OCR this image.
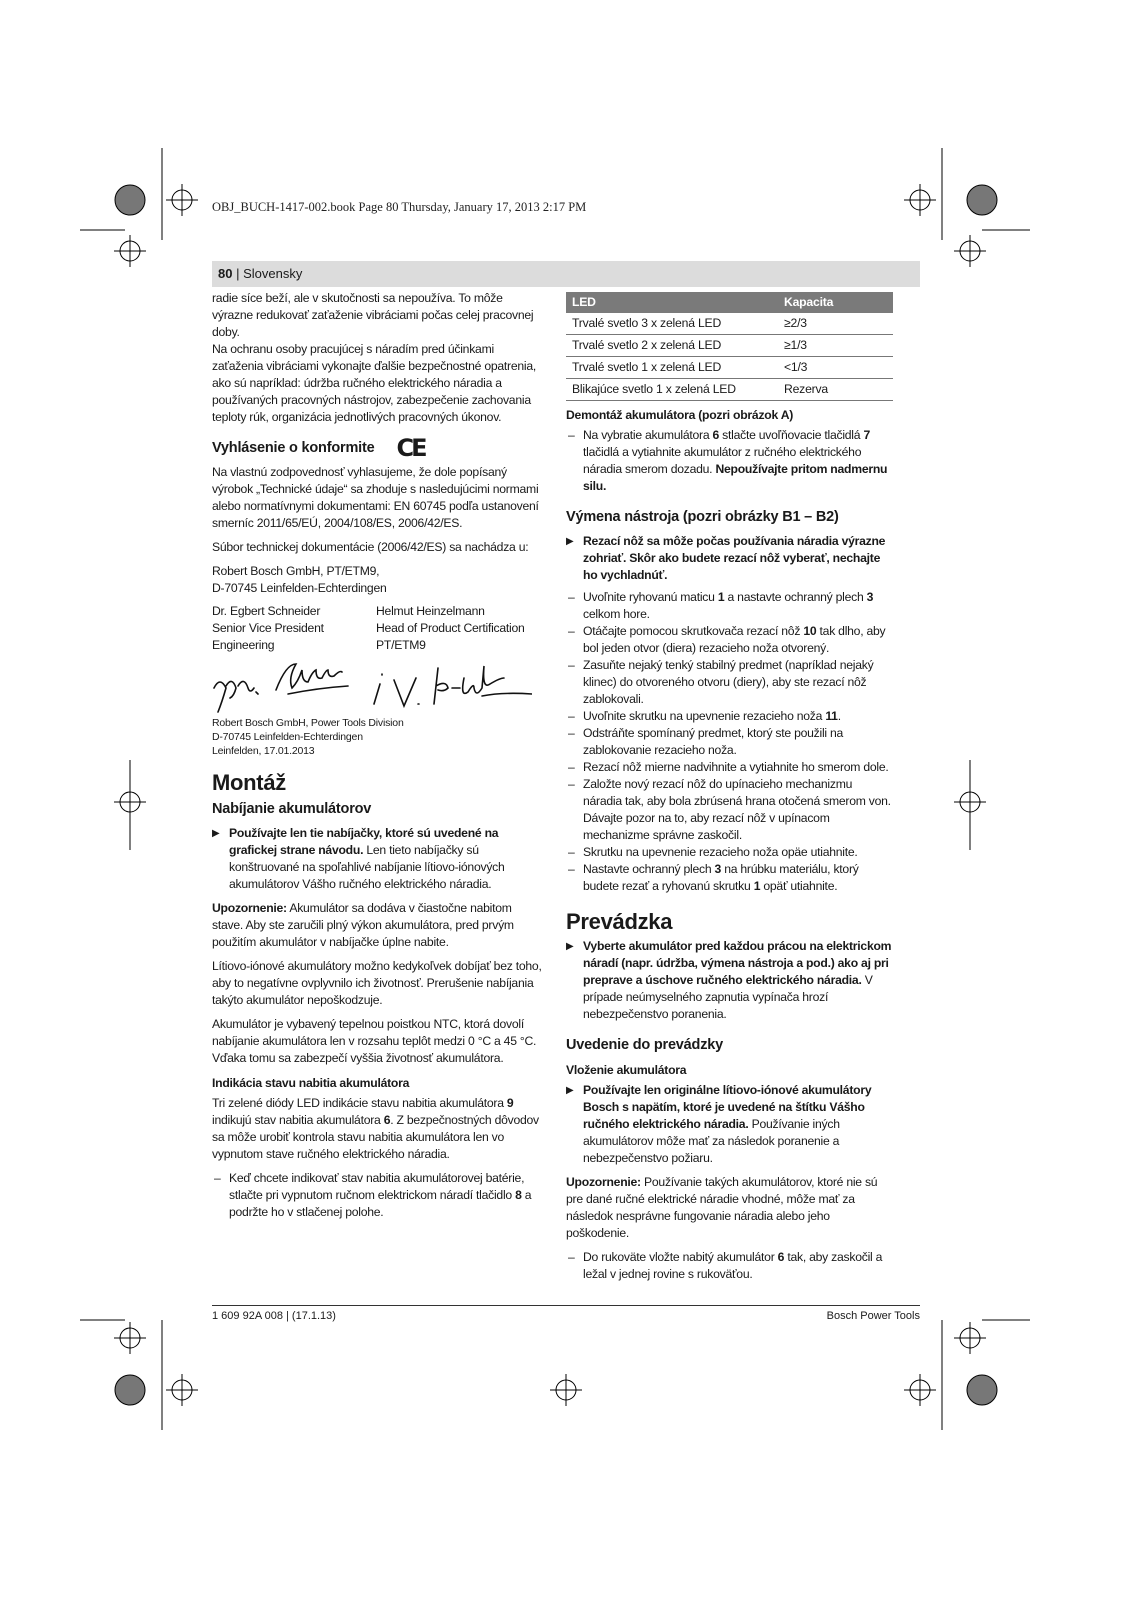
OBJ_BUCH-1417-002.book Page 80 Thursday, January 17, 2013 2:17 PM
80 | Slovensky

radie síce beží, ale v skutočnosti sa nepoužíva. To môže výrazne redukovať zaťaženie vibráciami počas celej pracovnej doby.

Na ochranu osoby pracujúcej s náradím pred účinkami zaťaženia vibráciami vykonajte ďalšie bezpečnostné opatrenia, ako sú napríklad: údržba ručného elektrického náradia a používaných pracovných nástrojov, zabezpečenie zachovania teploty rúk, organizácia jednotlivých pracovných úkonov.

Vyhlásenie o konformite CE

Na vlastnú zodpovednosť vyhlasujeme, že dole popísaný výrobok „Technické údaje“ sa zhoduje s nasledujúcimi normami alebo normatívnymi dokumentami: EN 60745 podľa ustanovení smerníc 2011/65/EÚ, 2004/108/ES, 2006/42/ES.

Súbor technickej dokumentácie (2006/42/ES) sa nachádza u:

Robert Bosch GmbH, PT/ETM9,
D-70745 Leinfelden-Echterdingen
Dr. Egbert Schneider	Helmut Heinzelmann
Senior Vice President	Head of Product Certification
Engineering	PT/ETM9
Robert Bosch GmbH, Power Tools Division
D-70745 Leinfelden-Echterdingen
Leinfelden, 17.01.2013
Montáž
Nabíjanie akumulátorov
▶ Používajte len tie nabíjačky, ktoré sú uvedené na grafickej strane návodu. Len tieto nabíjačky sú konštruované na spoľahlivé nabíjanie lítiovo-iónových akumulátorov Vášho ručného elektrického náradia.

Upozornenie: Akumulátor sa dodáva v čiastočne nabitom stave. Aby ste zaručili plný výkon akumulátora, pred prvým použitím akumulátor v nabíjačke úplne nabite.

Lítiovo-iónové akumulátory možno kedykoľvek dobíjať bez toho, aby to negatívne ovplyvnilo ich životnosť. Prerušenie nabíjania takýto akumulátor nepoškodzuje.

Akumulátor je vybavený tepelnou poistkou NTC, ktorá dovolí nabíjanie akumulátora len v rozsahu teplôt medzi 0 °C a 45 °C. Vďaka tomu sa zabezpečí vyššia životnosť akumulátora.

Indikácia stavu nabitia akumulátora

Tri zelené diódy LED indikácie stavu nabitia akumulátora 9 indikujú stav nabitia akumulátora 6. Z bezpečnostných dôvodov sa môže urobiť kontrola stavu nabitia akumulátora len vo vypnutom stave ručného elektrického náradia.

– Keď chcete indikovať stav nabitia akumulátorovej batérie, stlačte pri vypnutom ručnom elektrickom náradí tlačidlo 8 a podržte ho v stlačenej polohe.
LED	Kapacita
Trvalé svetlo 3 x zelená LED	≥2/3
Trvalé svetlo 2 x zelená LED	≥1/3
Trvalé svetlo 1 x zelená LED	<1/3
Blikajúce svetlo 1 x zelená LED	Rezerva
Demontáž akumulátora (pozri obrázok A)
– Na vybratie akumulátora 6 stlačte uvoľňovacie tlačidlá 7 tlačidlá a vytiahnite akumulátor z ručného elektrického náradia smerom dozadu. Nepoužívajte pritom nadmernu silu.
Výmena nástroja (pozri obrázky B1 – B2)
▶ Rezací nôž sa môže počas používania náradia výrazne zohriať. Skôr ako budete rezací nôž vyberať, nechajte ho vychladnúť.
– Uvoľnite ryhovanú maticu 1 a nastavte ochranný plech 3 celkom hore.
– Otáčajte pomocou skrutkovača rezací nôž 10 tak dlho, aby bol jeden otvor (diera) rezacieho noža otvorený.
– Zasuňte nejaký tenký stabilný predmet (napríklad nejaký klinec) do otvoreného otvoru (diery), aby ste rezací nôž zablokovali.
– Uvoľnite skrutku na upevnenie rezacieho noža 11.
– Odstráňte spomínaný predmet, ktorý ste použili na zablokovanie rezacieho noža.
– Rezací nôž mierne nadvihnite a vytiahnite ho smerom dole.
– Založte nový rezací nôž do upínacieho mechanizmu náradia tak, aby bola zbrúsená hrana otočená smerom von. Dávajte pozor na to, aby rezací nôž v upínacom mechanizme správne zaskočil.
– Skrutku na upevnenie rezacieho noža opäe utiahnite.
– Nastavte ochranný plech 3 na hrúbku materiálu, ktorý budete rezať a ryhovanú skrutku 1 opäť utiahnite.
Prevádzka
▶ Vyberte akumulátor pred každou prácou na elektrickom náradí (napr. údržba, výmena nástroja a pod.) ako aj pri preprave a úschove ručného elektrického náradia. V prípade neúmyselného zapnutia vypínača hrozí nebezpečenstvo poranenia.
Uvedenie do prevádzky
Vloženie akumulátora
▶ Používajte len originálne lítiovo-iónové akumulátory Bosch s napätím, ktoré je uvedené na štítku Vášho ručného elektrického náradia. Používanie iných akumulátorov môže mať za následok poranenie a nebezpečenstvo požiaru.

Upozornenie: Používanie takých akumulátorov, ktoré nie sú pre dané ručné elektrické náradie vhodné, môže mať za následok nesprávne fungovanie náradia alebo jeho poškodenie.

– Do rukoväte vložte nabitý akumulátor 6 tak, aby zaskočil a ležal v jednej rovine s rukoväťou.
1 609 92A 008 | (17.1.13)	Bosch Power Tools
